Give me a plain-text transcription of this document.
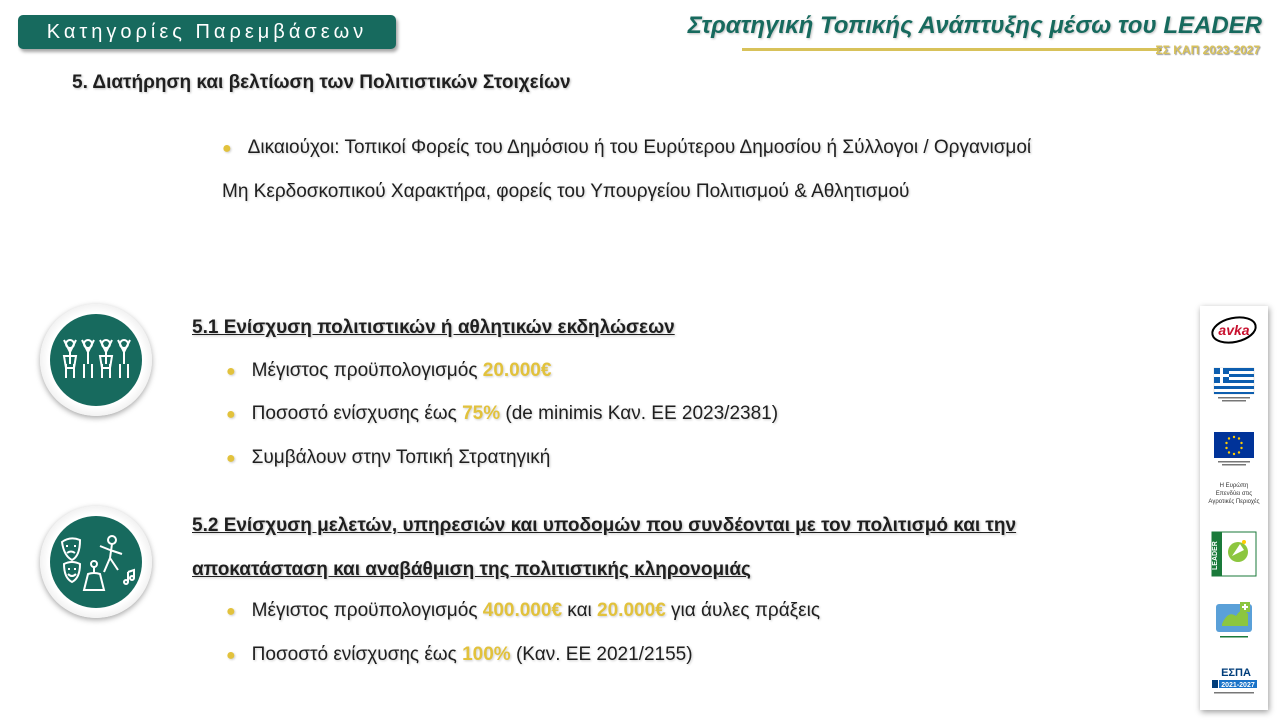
Κατηγορίες Παρεμβάσεων	Στρατηγική Τοπικής Ανάπτυξης μέσω του LEADER
ΣΣ ΚΑΠ 2023-2027
5. Διατήρηση και βελτίωση των Πολιτιστικών Στοιχείων
● Δικαιούχοι: Τοπικοί Φορείς του Δημόσιου ή του Ευρύτερου Δημοσίου ή Σύλλογοι / Οργανισμοί Μη Κερδοσκοπικού Χαρακτήρα, φορείς του Υπουργείου Πολιτισμού & Αθλητισμού
5.1 Ενίσχυση πολιτιστικών ή αθλητικών εκδηλώσεων
● Μέγιστος προϋπολογισμός 20.000€
● Ποσοστό ενίσχυσης έως 75% (de minimis Καν. ΕΕ 2023/2381)
● Συμβάλουν στην Τοπική Στρατηγική
5.2 Ενίσχυση μελετών, υπηρεσιών και υποδομών που συνδέονται με τον πολιτισμό και την αποκατάσταση και αναβάθμιση της πολιτιστικής κληρονομιάς
● Μέγιστος προϋπολογισμός 400.000€ και 20.000€ για άυλες πράξεις
● Ποσοστό ενίσχυσης έως 100% (Καν. ΕΕ 2021/2155)
avka
Η Ευρώπη Επενδύει στις Αγροτικές Περιοχές
LEADER
ΕΣΠΑ
2021-2027
